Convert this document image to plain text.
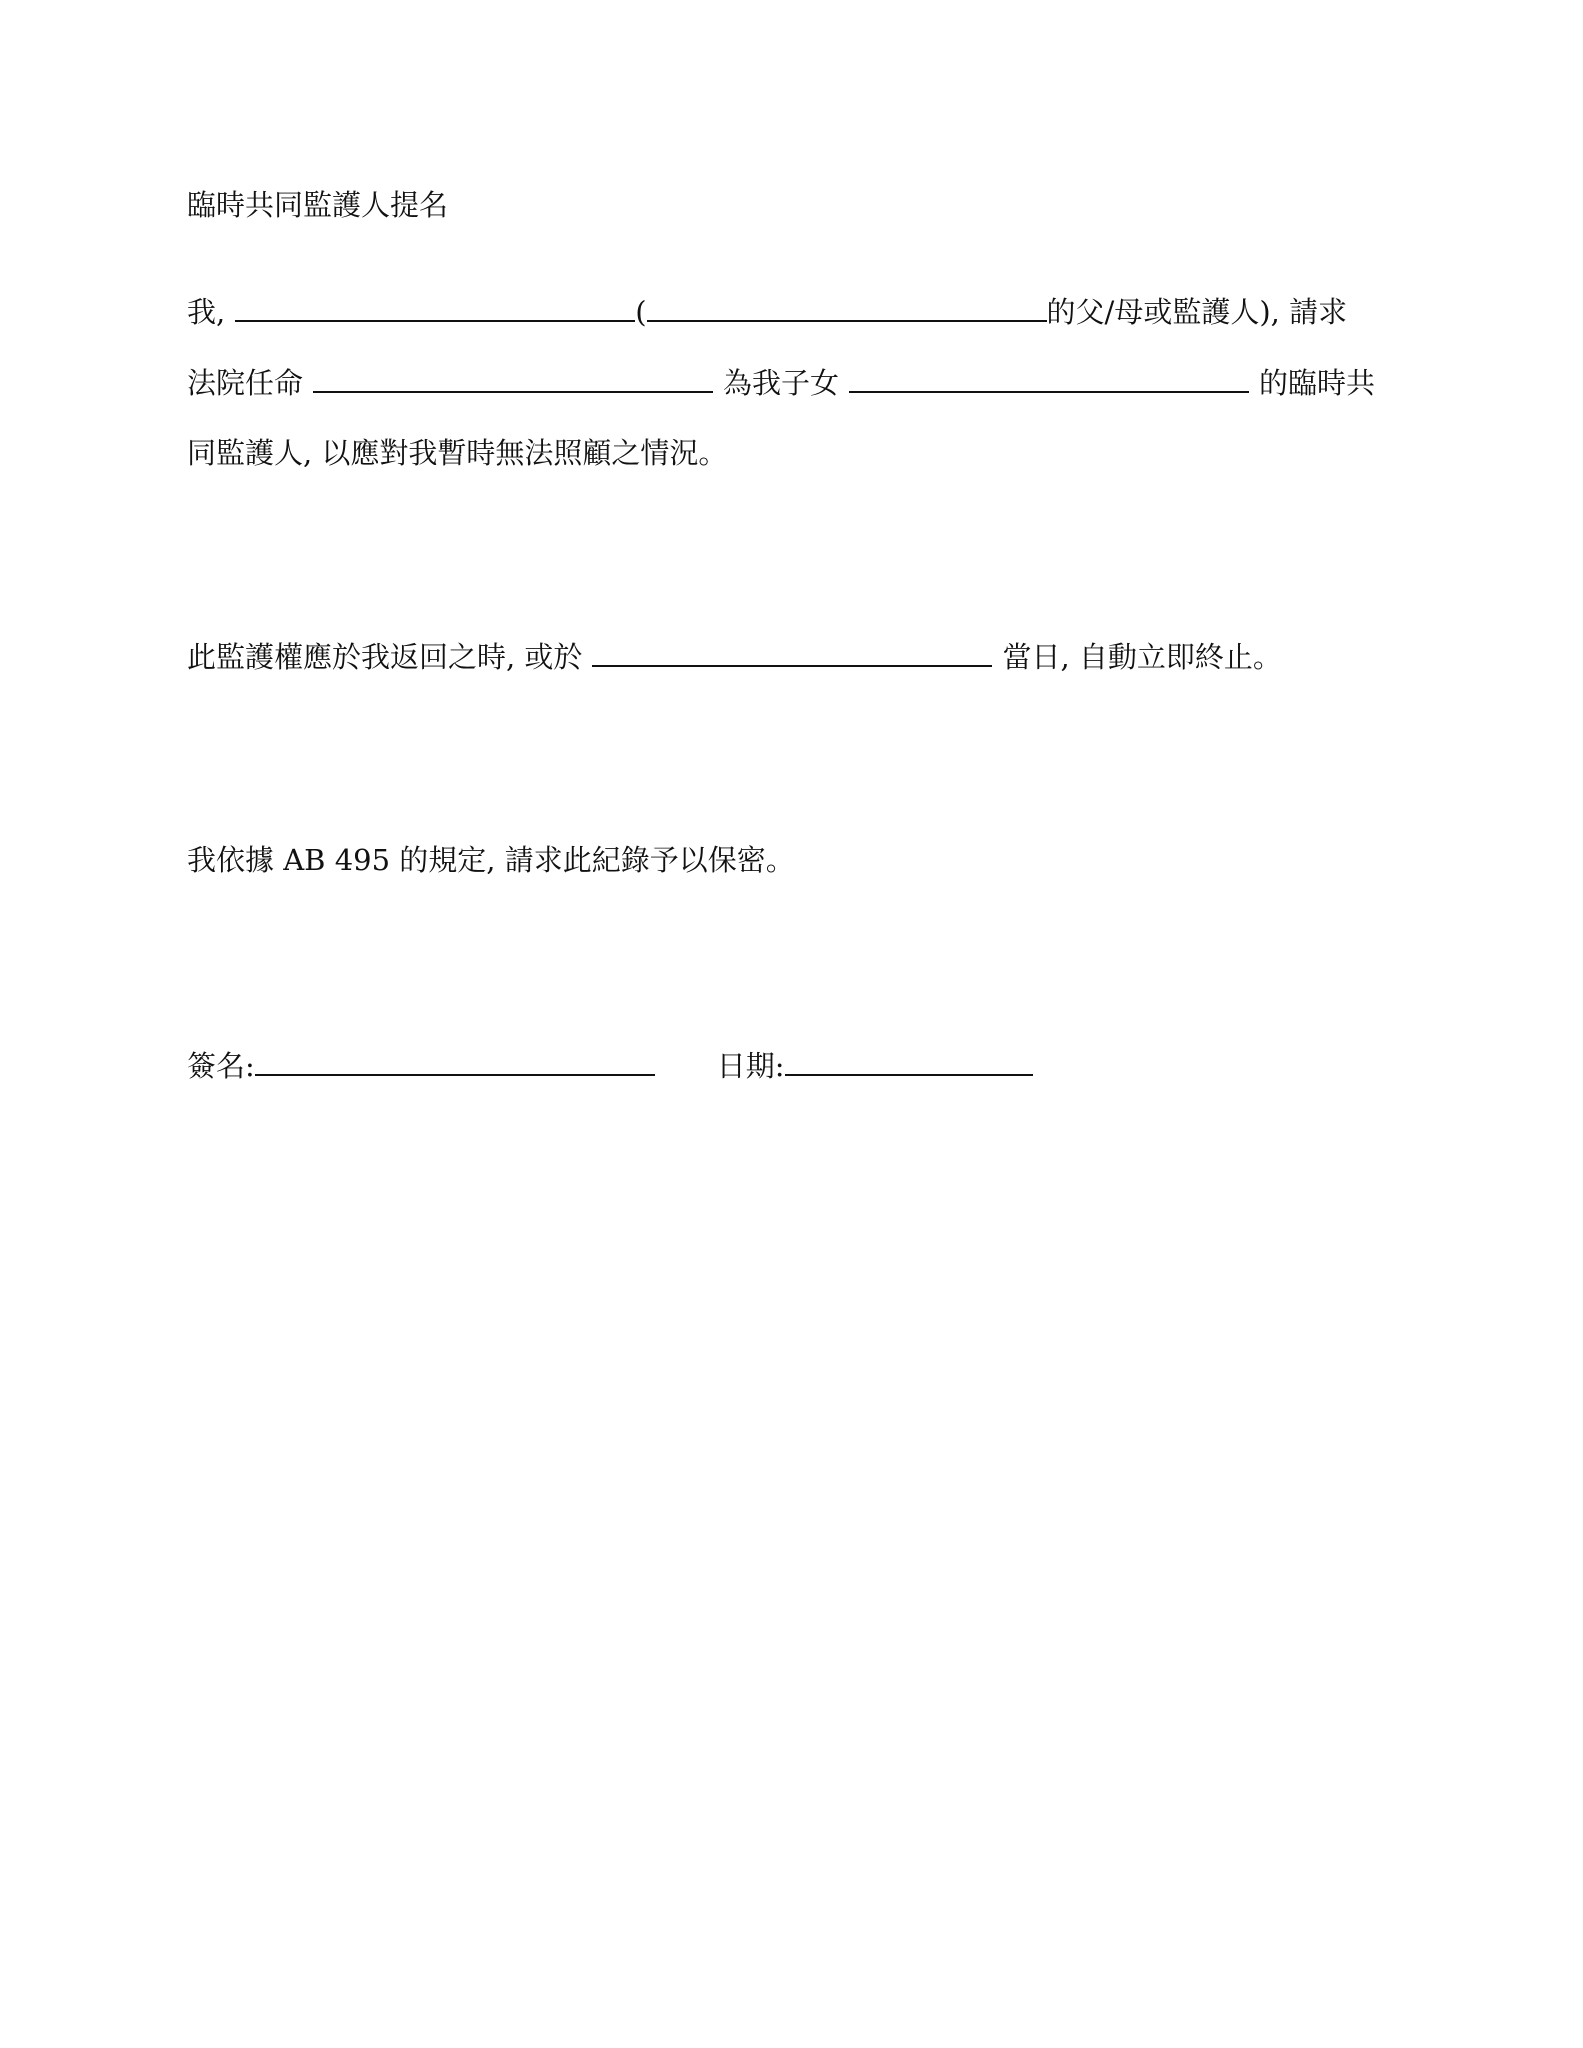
臨時共同監護人提名
我,	(	的父/母或監護人), 請求
法院任命	為我子女	的臨時共
同監護人, 以應對我暫時無法照顧之情況。
此監護權應於我返回之時, 或於	當日, 自動立即終止。
我依據 AB 495 的規定, 請求此紀錄予以保密。
簽名:	日期:
